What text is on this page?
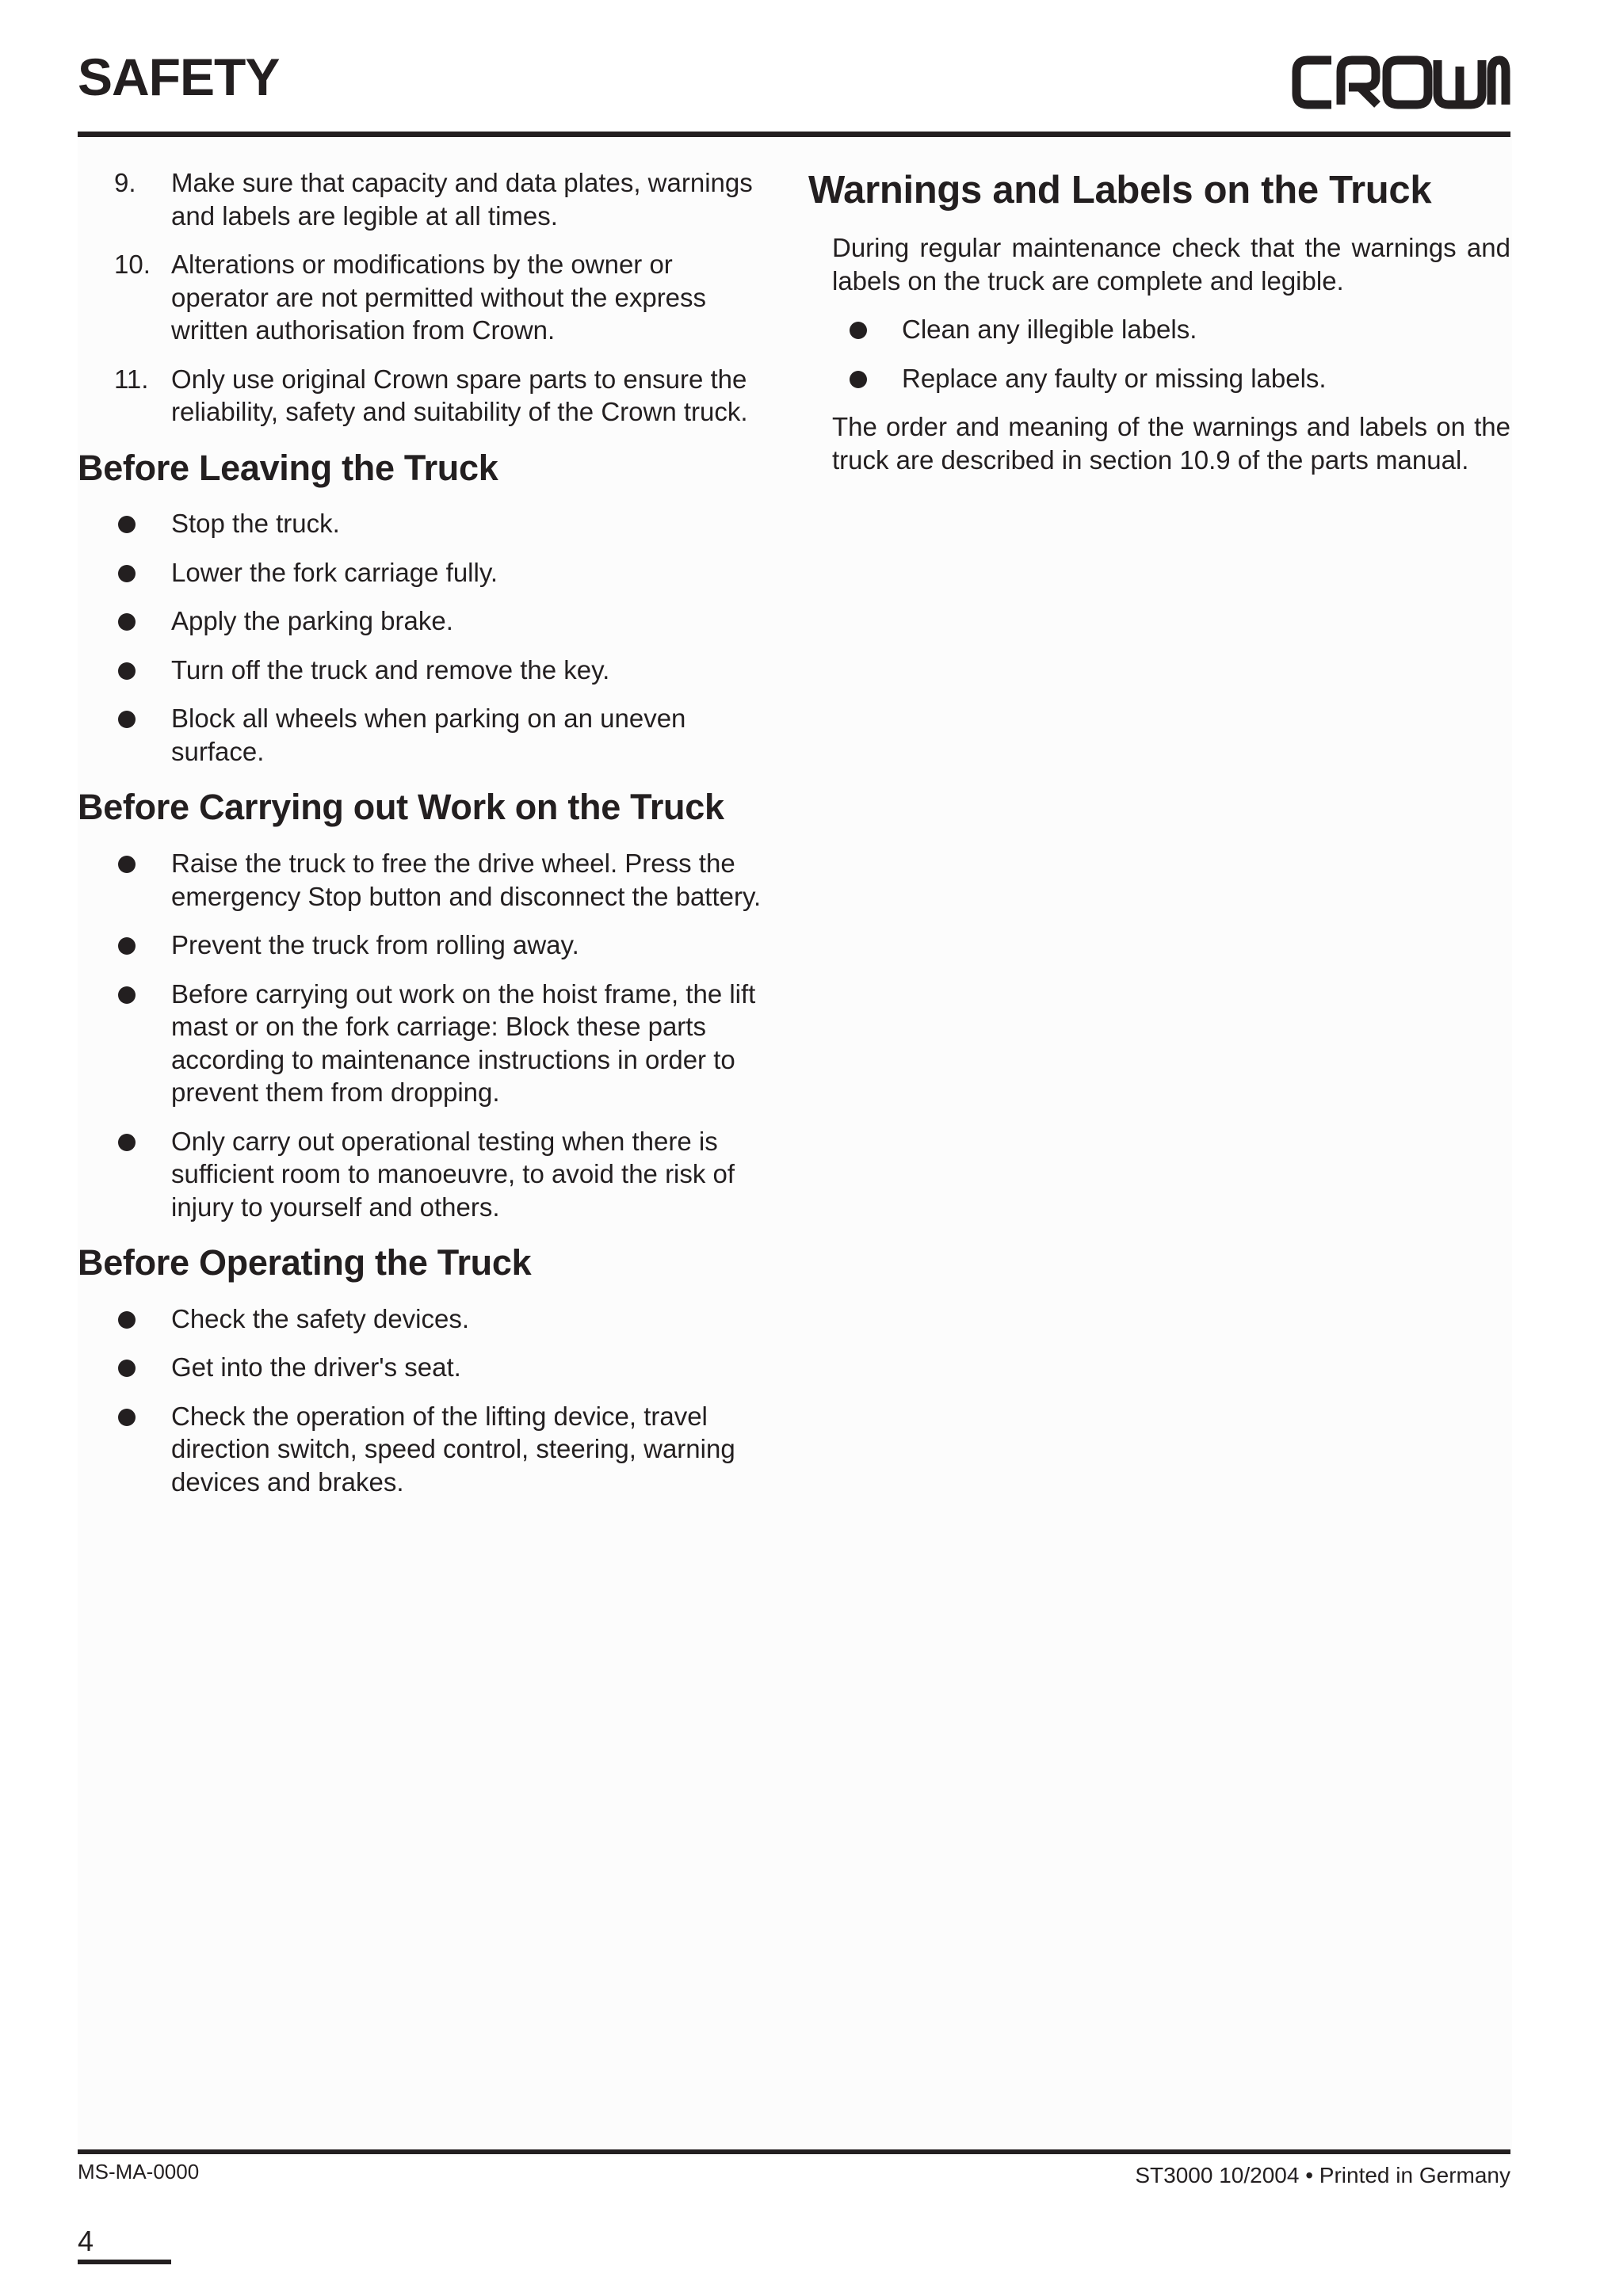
SAFETY
9. Make sure that capacity and data plates, warnings and labels are legible at all times.
10. Alterations or modifications by the owner or operator are not permitted without the express written authorisation from Crown.
11. Only use original Crown spare parts to ensure the reliability, safety and suitability of the Crown truck.
Before Leaving the Truck
Stop the truck.
Lower the fork carriage fully.
Apply the parking brake.
Turn off the truck and remove the key.
Block all wheels when parking on an uneven surface.
Before Carrying out Work on the Truck
Raise the truck to free the drive wheel. Press the emergency Stop button and disconnect the battery.
Prevent the truck from rolling away.
Before carrying out work on the hoist frame, the lift mast or on the fork carriage: Block these parts according to maintenance instructions in order to prevent them from dropping.
Only carry out operational testing when there is sufficient room to manoeuvre, to avoid the risk of injury to yourself and others.
Before Operating the Truck
Check the safety devices.
Get into the driver's seat.
Check the operation of the lifting device, travel direction switch, speed control, steering, warning devices and brakes.
Warnings and Labels on the Truck

During regular maintenance check that the warnings and labels on the truck are complete and legible.

Clean any illegible labels.
Replace any faulty or missing labels.

The order and meaning of the warnings and labels on the truck are described in section 10.9 of the parts manual.

MS-MA-0000	ST3000 10/2004 • Printed in Germany
4
